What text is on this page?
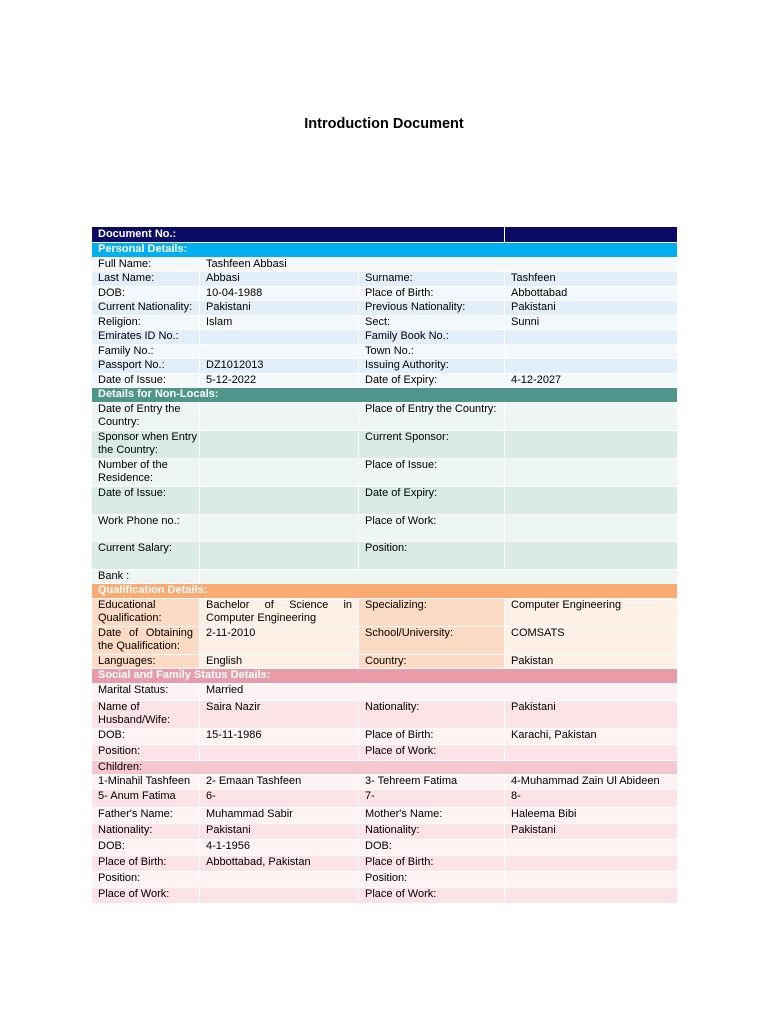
Introduction Document
Document No.:			
Personal Details:			
Full Name:	Tashfeen Abbasi		
Last Name:	Abbasi	Surname:	Tashfeen
DOB:	10-04-1988	Place of Birth:	Abbottabad
Current Nationality:	Pakistani	Previous Nationality:	Pakistani
Religion:	Islam	Sect:	Sunni
Emirates ID No.:		Family Book No.:	
Family No.:		Town No.:	
Passport No.:	DZ1012013	Issuing Authority:	
Date of Issue:	5-12-2022	Date of Expiry:	4-12-2027
Details for Non-Locals:			
Date of Entry the Country:		Place of Entry the Country:	
Sponsor when Entry the Country:		Current Sponsor:	
Number of the Residence:		Place of Issue:	
Date of Issue:		Date of Expiry:	
Work Phone no.:		Place of Work:	
Current Salary:		Position:	
Bank :			
Qualification Details:			
Educational Qualification:	Bachelor of Science in Computer Engineering	Specializing:	Computer Engineering
Date of Obtaining the Qualification:	2-11-2010	School/University:	COMSATS
Languages:	English	Country:	Pakistan
Social and Family Status Details:			
Marital Status:	Married		
Name of Husband/Wife:	Saira Nazir	Nationality:	Pakistani
DOB:	15-11-1986	Place of Birth:	Karachi, Pakistan
Position:		Place of Work:	
Children:			
1-Minahil Tashfeen	2- Emaan Tashfeen	3- Tehreem Fatima	4-Muhammad Zain Ul Abideen
5- Anum Fatima	6-	7-	8-
Father's Name:	Muhammad Sabir	Mother's Name:	Haleema Bibi
Nationality:	Pakistani	Nationality:	Pakistani
DOB:	4-1-1956	DOB:	
Place of Birth:	Abbottabad, Pakistan	Place of Birth:	
Position:		Position:	
Place of Work:		Place of Work:	
